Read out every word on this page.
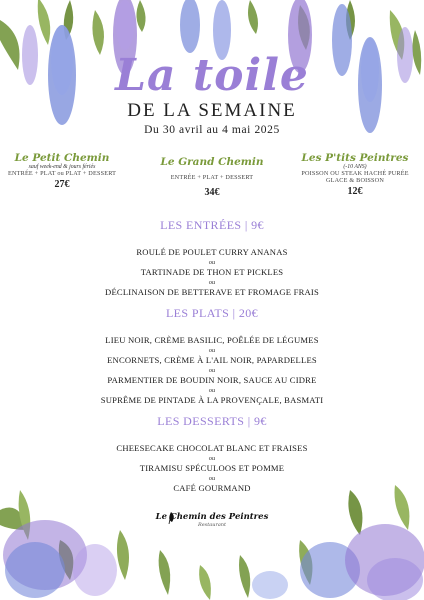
La toile
DE LA SEMAINE
Du 30 avril au 4 mai 2025
Le Petit Chemin
sauf week-end & jours fériés
ENTRÉE + PLAT ou PLAT + DESSERT
27€
Le Grand Chemin
ENTRÉE + PLAT + DESSERT
34€
Les P'tits Peintres
(-10 ANS)
POISSON OU STEAK HACHÉ PURÉE
GLACE & BOISSON
12€
LES ENTRÉES | 9€
ROULÉ DE POULET CURRY ANANAS
ou
TARTINADE DE THON ET PICKLES
ou
DÉCLINAISON DE BETTERAVE ET FROMAGE FRAIS
LES PLATS | 20€
LIEU NOIR, CRÈME BASILIC, POÊLÉE DE LÉGUMES
ou
ENCORNETS, CRÈME À L'AIL NOIR, PAPARDELLES
ou
PARMENTIER DE BOUDIN NOIR, SAUCE AU CIDRE
ou
SUPRÊME DE PINTADE À LA PROVENÇALE, BASMATI
LES DESSERTS | 9€
CHEESECAKE CHOCOLAT BLANC ET FRAISES
ou
TIRAMISU SPÉCULOOS ET POMME
ou
CAFÉ GOURMAND
Le Chemin des Peintres
Restaurant
